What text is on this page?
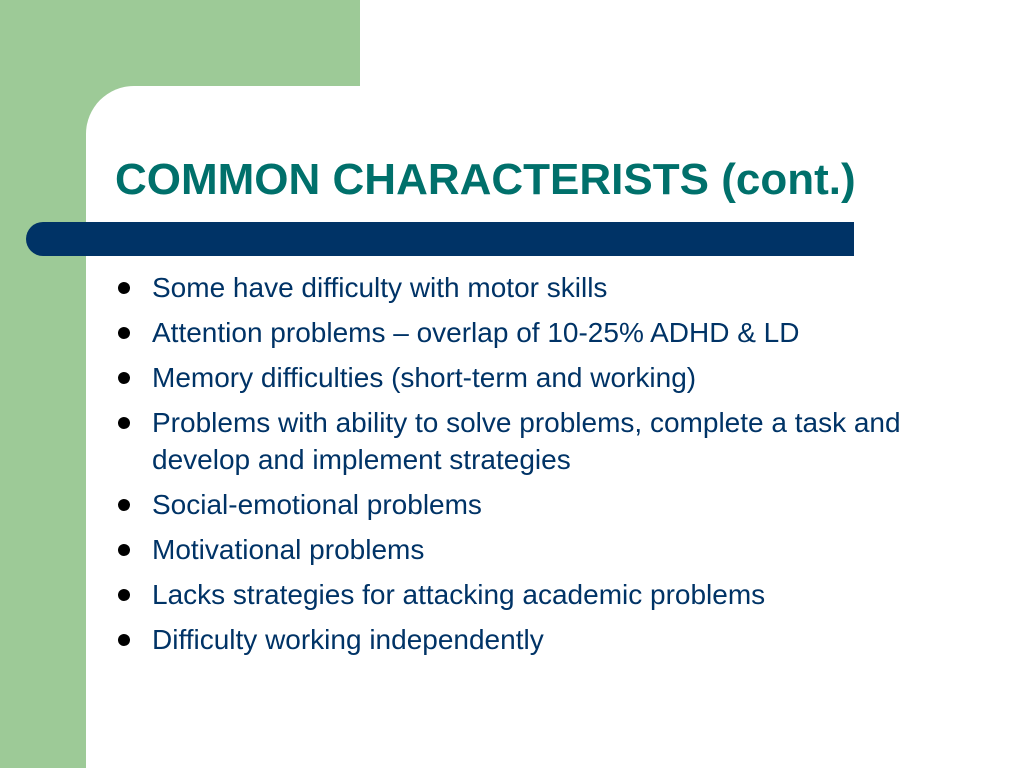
COMMON CHARACTERISTS (cont.)
Some have difficulty with motor skills
Attention problems – overlap of 10-25% ADHD & LD
Memory difficulties (short-term and working)
Problems with ability to solve problems, complete a task and develop and implement strategies
Social-emotional problems
Motivational problems
Lacks strategies for attacking academic problems
Difficulty working independently
